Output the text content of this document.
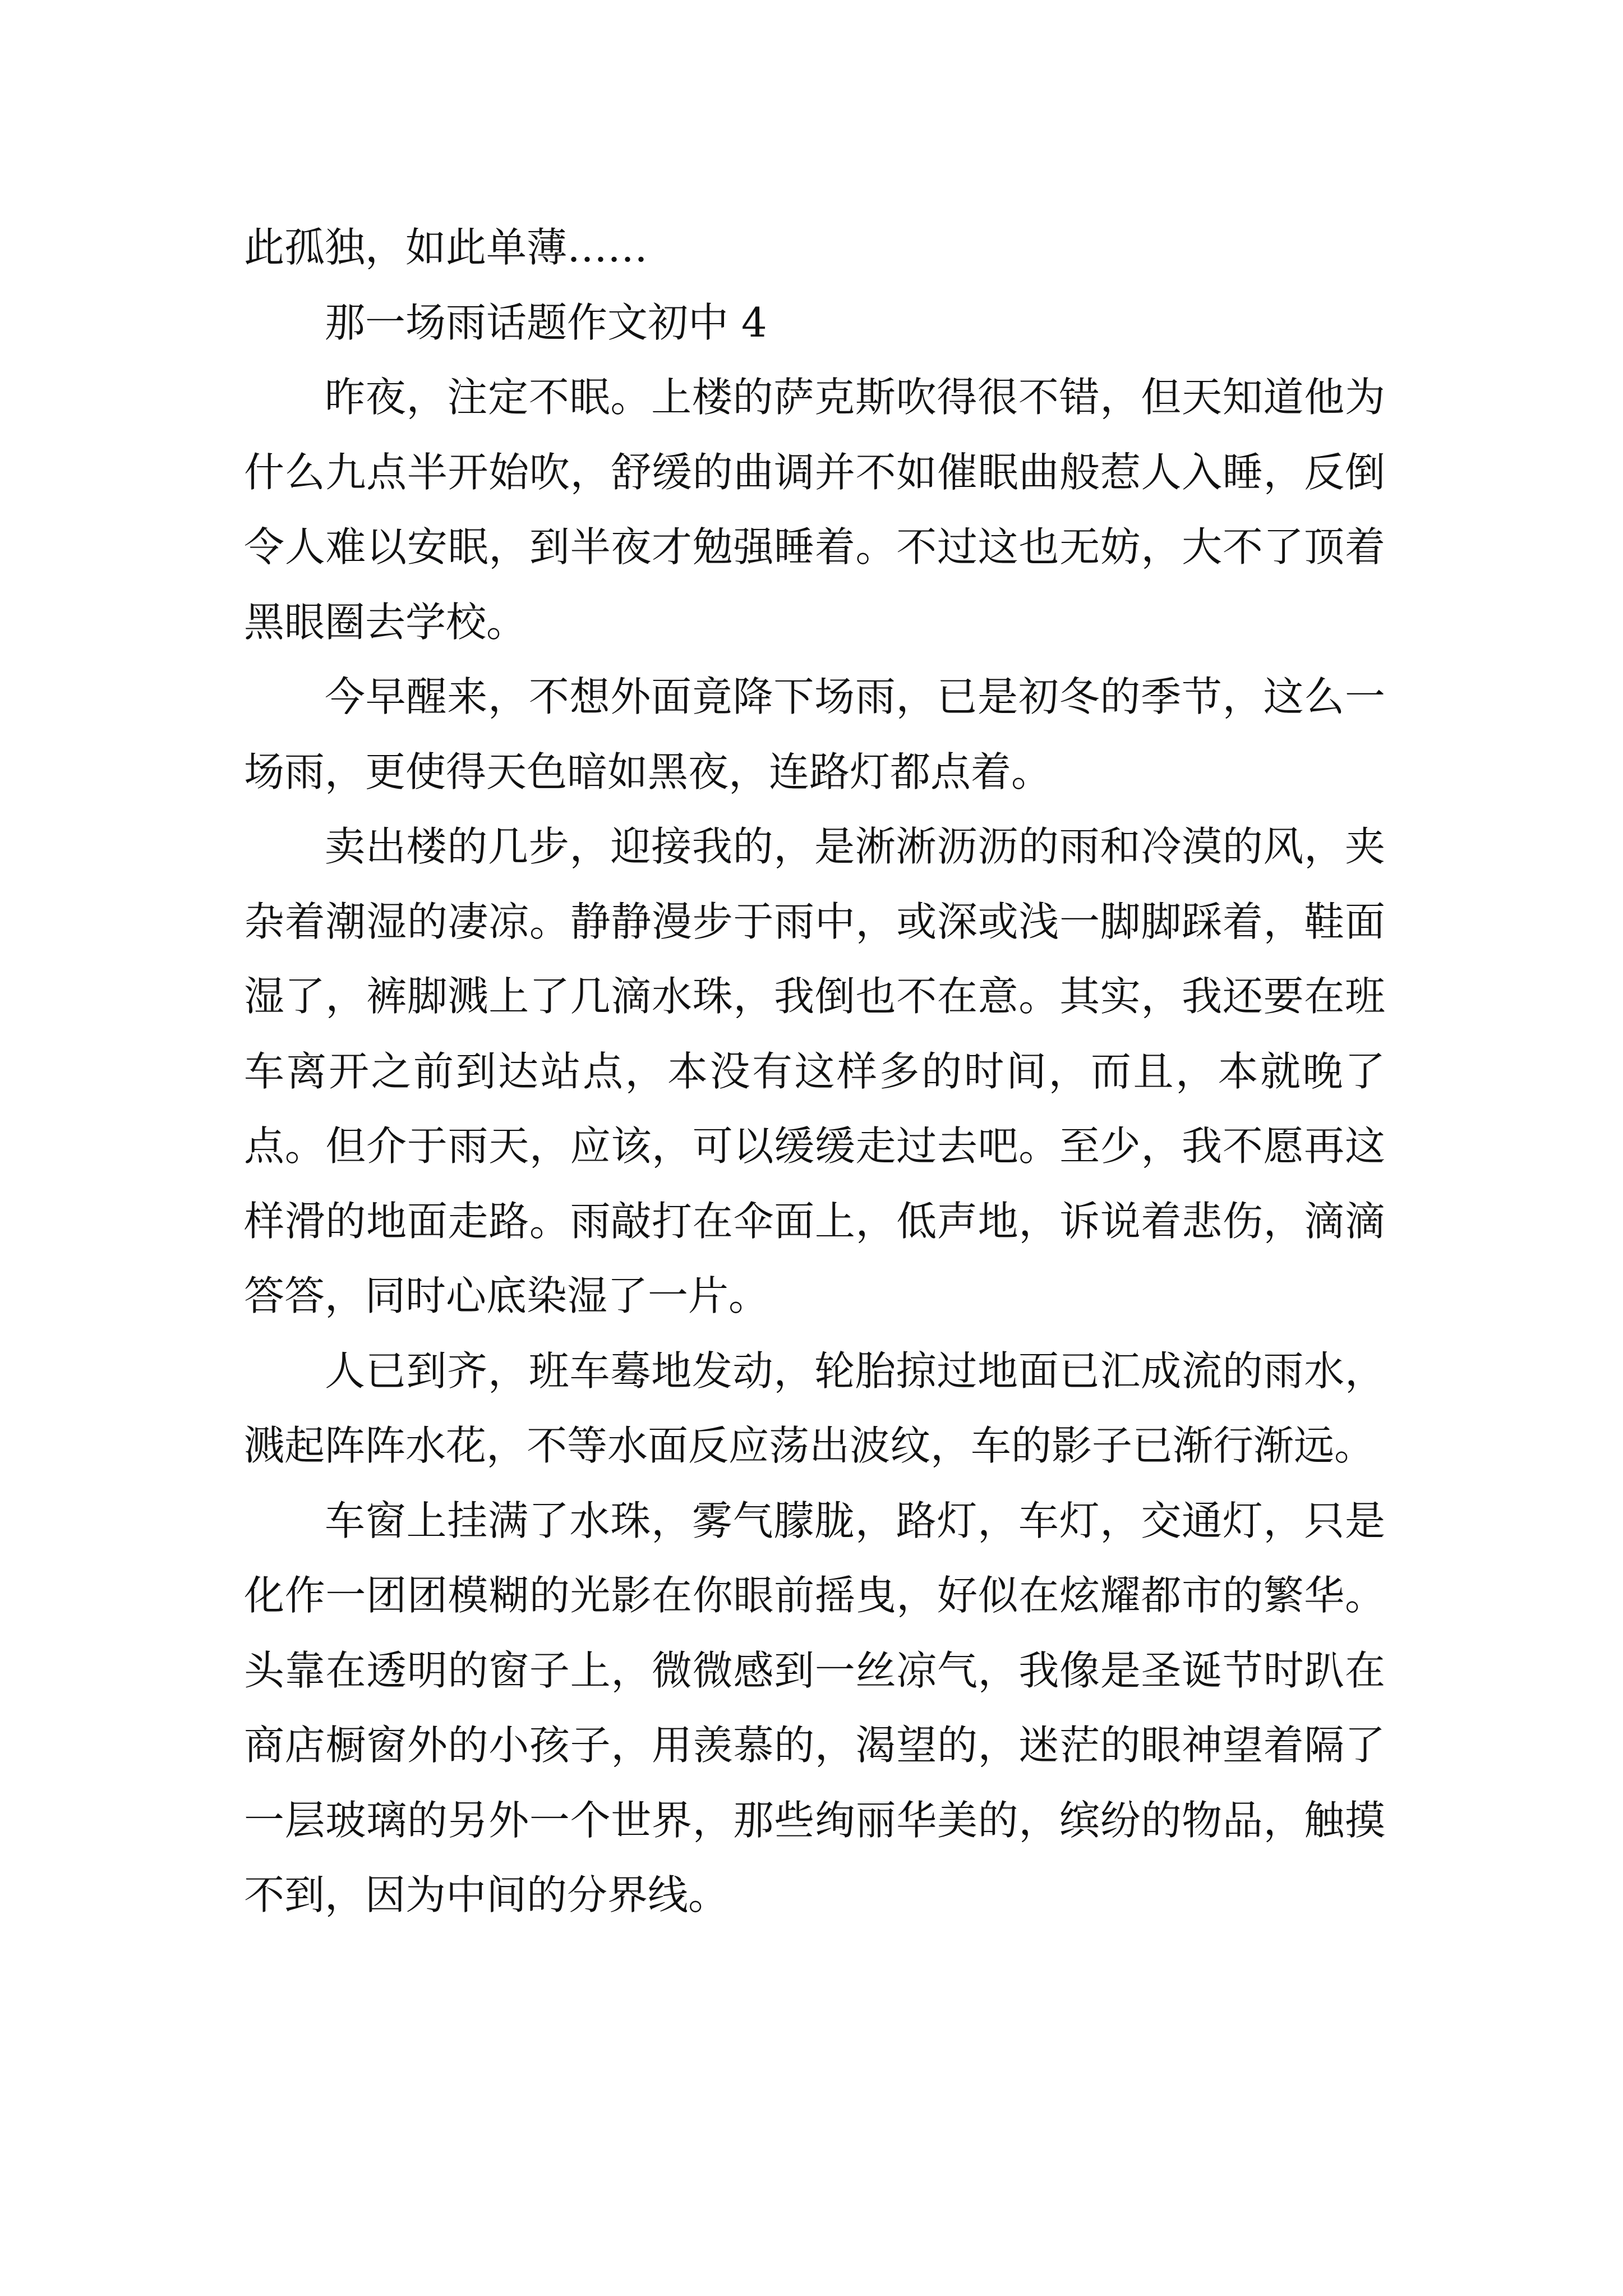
此孤独，如此单薄……

那一场雨话题作文初中 4

昨夜，注定不眠。上楼的萨克斯吹得很不错，但天知道他为什么九点半开始吹，舒缓的曲调并不如催眠曲般惹人入睡，反倒令人难以安眠，到半夜才勉强睡着。不过这也无妨，大不了顶着黑眼圈去学校。

今早醒来，不想外面竟降下场雨，已是初冬的季节，这么一场雨，更使得天色暗如黑夜，连路灯都点着。

卖出楼的几步，迎接我的，是淅淅沥沥的雨和冷漠的风，夹杂着潮湿的凄凉。静静漫步于雨中，或深或浅一脚脚踩着，鞋面湿了，裤脚溅上了几滴水珠，我倒也不在意。其实，我还要在班车离开之前到达站点，本没有这样多的时间，而且，本就晚了点。但介于雨天，应该，可以缓缓走过去吧。至少，我不愿再这样滑的地面走路。雨敲打在伞面上，低声地，诉说着悲伤，滴滴答答，同时心底染湿了一片。

人已到齐，班车蓦地发动，轮胎掠过地面已汇成流的雨水，溅起阵阵水花，不等水面反应荡出波纹，车的影子已渐行渐远。

车窗上挂满了水珠，雾气朦胧，路灯，车灯，交通灯，只是化作一团团模糊的光影在你眼前摇曳，好似在炫耀都市的繁华。头靠在透明的窗子上，微微感到一丝凉气，我像是圣诞节时趴在商店橱窗外的小孩子，用羡慕的，渴望的，迷茫的眼神望着隔了一层玻璃的另外一个世界，那些绚丽华美的，缤纷的物品，触摸不到，因为中间的分界线。
